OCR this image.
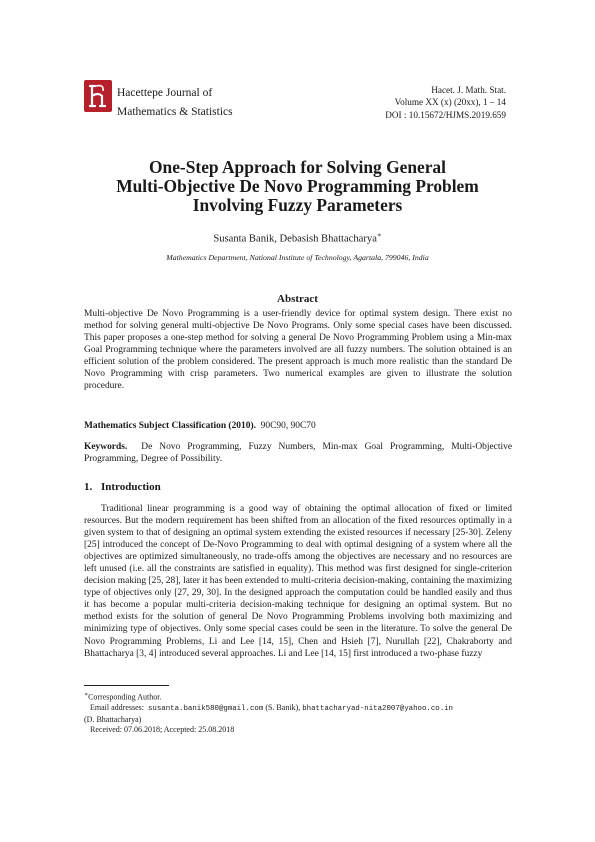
Hacettepe Journal of
Mathematics & Statistics
Hacet. J. Math. Stat.
Volume XX (x) (20xx), 1 – 14
DOI : 10.15672/HJMS.2019.659
One-Step Approach for Solving General
Multi-Objective De Novo Programming Problem
Involving Fuzzy Parameters
Susanta Banik, Debasish Bhattacharya∗
Mathematics Department, National Institute of Technology, Agartala, 799046, India
Abstract
Multi-objective De Novo Programming is a user-friendly device for optimal system design. There exist no method for solving general multi-objective De Novo Programs. Only some special cases have been discussed. This paper proposes a one-step method for solving a general De Novo Programming Problem using a Min-max Goal Programming technique where the parameters involved are all fuzzy numbers. The solution obtained is an efficient solution of the problem considered. The present approach is much more realistic than the standard De Novo Programming with crisp parameters. Two numerical examples are given to illustrate the solution procedure.
Mathematics Subject Classification (2010). 90C90, 90C70
Keywords. De Novo Programming, Fuzzy Numbers, Min-max Goal Programming, Multi-Objective Programming, Degree of Possibility.
1. Introduction
Traditional linear programming is a good way of obtaining the optimal allocation of fixed or limited resources. But the modern requirement has been shifted from an allocation of the fixed resources optimally in a given system to that of designing an optimal system extending the existed resources if necessary [25-30]. Zeleny [25] introduced the concept of De-Novo Programming to deal with optimal designing of a system where all the objectives are optimized simultaneously, no trade-offs among the objectives are necessary and no resources are left unused (i.e. all the constraints are satisfied in equality). This method was first designed for single-criterion decision making [25, 28], later it has been extended to multi-criteria decision-making, containing the maximizing type of objectives only [27, 29, 30]. In the designed approach the computation could be handled easily and thus it has become a popular multi-criteria decision-making technique for designing an optimal system. But no method exists for the solution of general De Novo Programming Problems involving both maximizing and minimizing type of objectives. Only some special cases could be seen in the literature. To solve the general De Novo Programming Problems, Li and Lee [14, 15], Chen and Hsieh [7], Nurullah [22], Chakraborty and Bhattacharya [3, 4] introduced several approaches. Li and Lee [14, 15] first introduced a two-phase fuzzy
∗Corresponding Author.
Email addresses: susanta.banik580@gmail.com (S. Banik), bhattacharyad-nita2007@yahoo.co.in
(D. Bhattacharya)
Received: 07.06.2018; Accepted: 25.08.2018
